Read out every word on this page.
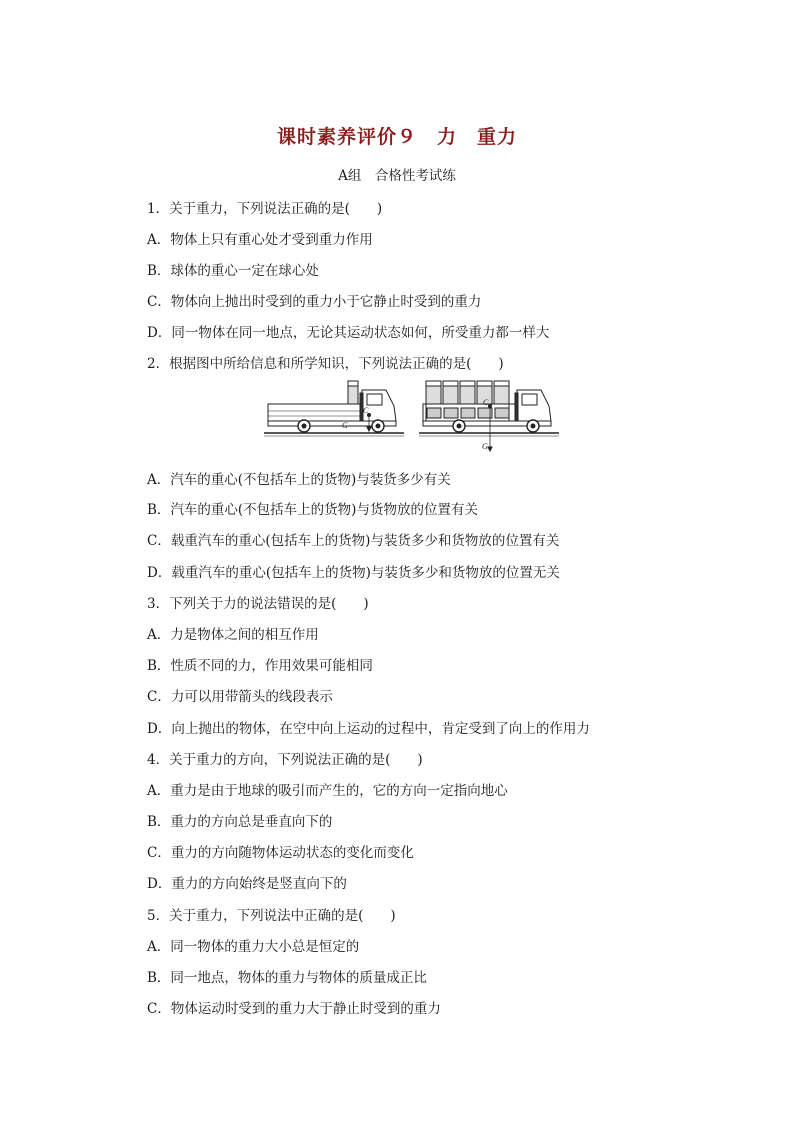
课时素养评价９　力　重力
A组　合格性考试练
1．关于重力，下列说法正确的是(　　)
A．物体上只有重心处才受到重力作用
B．球体的重心一定在球心处
C．物体向上抛出时受到的重力小于它静止时受到的重力
D．同一物体在同一地点，无论其运动状态如何，所受重力都一样大
2．根据图中所给信息和所学知识，下列说法正确的是(　　)
C
G
C
G
A．汽车的重心(不包括车上的货物)与装货多少有关
B．汽车的重心(不包括车上的货物)与货物放的位置有关
C．载重汽车的重心(包括车上的货物)与装货多少和货物放的位置有关
D．载重汽车的重心(包括车上的货物)与装货多少和货物放的位置无关
3．下列关于力的说法错误的是(　　)
A．力是物体之间的相互作用
B．性质不同的力，作用效果可能相同
C．力可以用带箭头的线段表示
D．向上抛出的物体，在空中向上运动的过程中，肯定受到了向上的作用力
4．关于重力的方向，下列说法正确的是(　　)
A．重力是由于地球的吸引而产生的，它的方向一定指向地心
B．重力的方向总是垂直向下的
C．重力的方向随物体运动状态的变化而变化
D．重力的方向始终是竖直向下的
5．关于重力，下列说法中正确的是(　　)
A．同一物体的重力大小总是恒定的
B．同一地点，物体的重力与物体的质量成正比
C．物体运动时受到的重力大于静止时受到的重力
